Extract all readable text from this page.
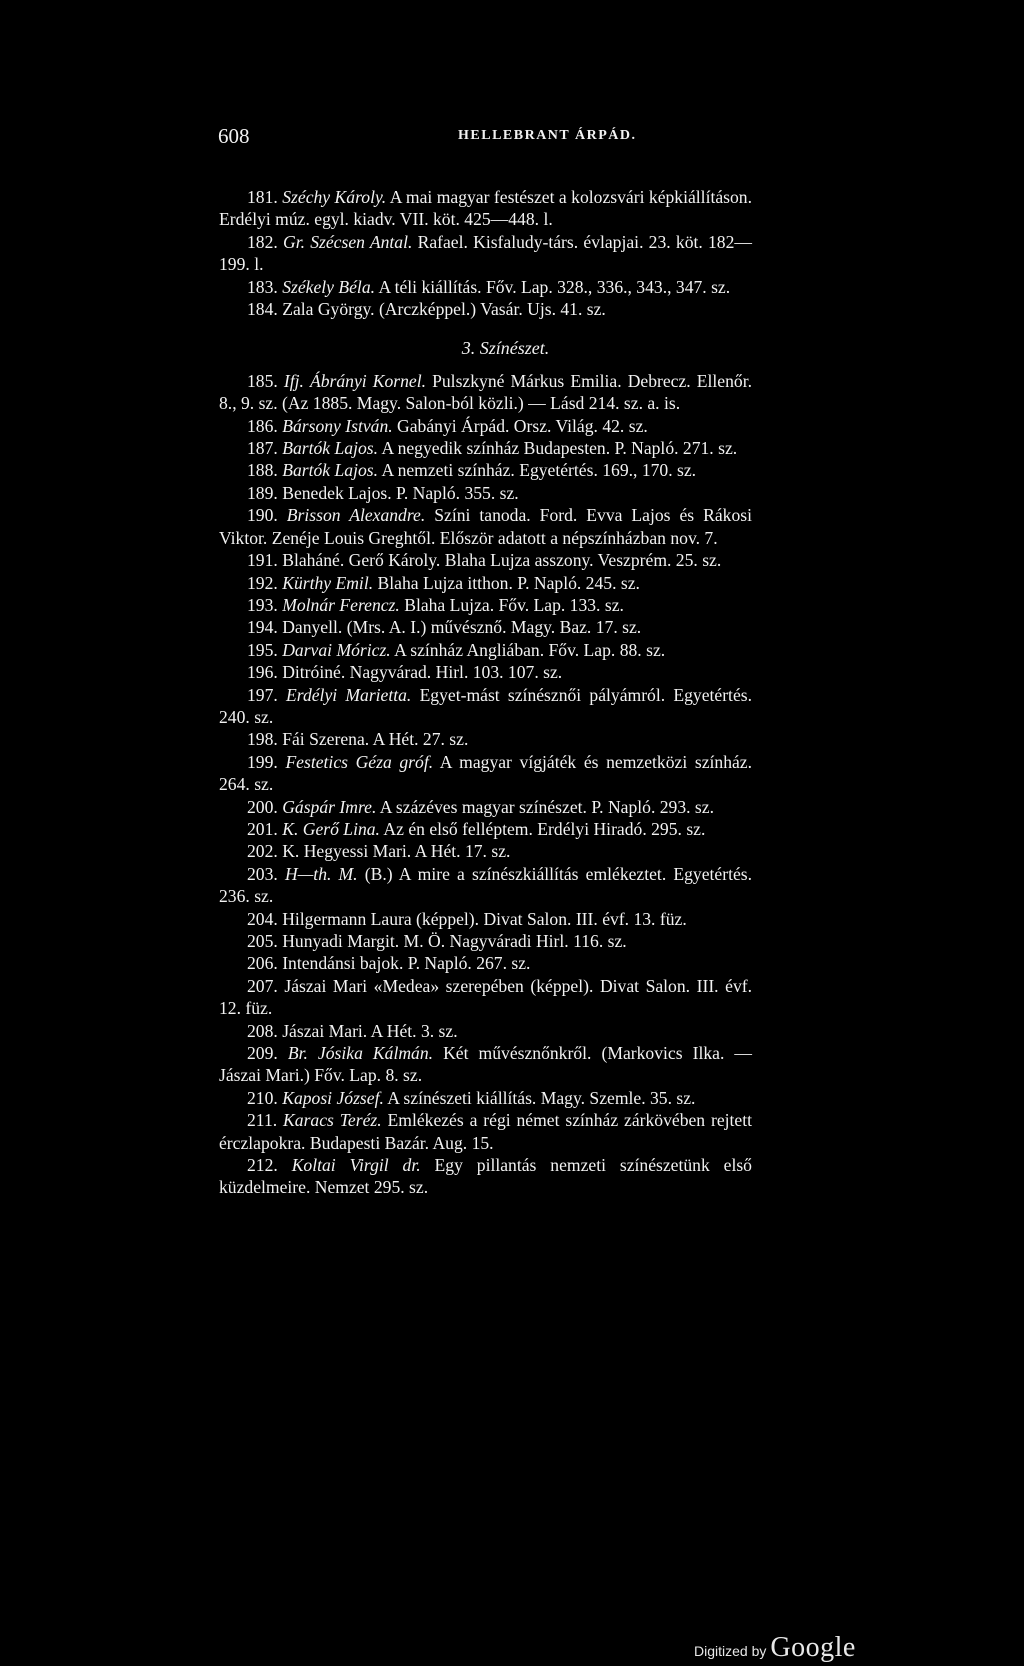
608	HELLEBRANT ÁRPÁD.

181. Széchy Károly. A mai magyar festészet a kolozsvári képkiállításon. Erdélyi múz. egyl. kiadv. VII. köt. 425—448. l.

182. Gr. Szécsen Antal. Rafael. Kisfaludy-társ. évlapjai. 23. köt. 182—199. l.

183. Székely Béla. A téli kiállítás. Főv. Lap. 328., 336., 343., 347. sz.

184. Zala György. (Arczképpel.) Vasár. Ujs. 41. sz.

3. Színészet.

185. Ifj. Ábrányi Kornel. Pulszkyné Márkus Emilia. Debrecz. Ellenőr. 8., 9. sz. (Az 1885. Magy. Salon-ból közli.) — Lásd 214. sz. a. is.

186. Bársony István. Gabányi Árpád. Orsz. Világ. 42. sz.

187. Bartók Lajos. A negyedik színház Budapesten. P. Napló. 271. sz.

188. Bartók Lajos. A nemzeti színház. Egyetértés. 169., 170. sz.

189. Benedek Lajos. P. Napló. 355. sz.

190. Brisson Alexandre. Színi tanoda. Ford. Evva Lajos és Rákosi Viktor. Zenéje Louis Greghtől. Először adatott a népszínházban nov. 7.

191. Blaháné. Gerő Károly. Blaha Lujza asszony. Veszprém. 25. sz.

192. Kürthy Emil. Blaha Lujza itthon. P. Napló. 245. sz.

193. Molnár Ferencz. Blaha Lujza. Főv. Lap. 133. sz.

194. Danyell. (Mrs. A. I.) művésznő. Magy. Baz. 17. sz.

195. Darvai Móricz. A színház Angliában. Főv. Lap. 88. sz.

196. Ditróiné. Nagyvárad. Hirl. 103. 107. sz.

197. Erdélyi Marietta. Egyet-mást színésznői pályámról. Egyetértés. 240. sz.

198. Fái Szerena. A Hét. 27. sz.

199. Festetics Géza gróf. A magyar vígjáték és nemzetközi színház. 264. sz.

200. Gáspár Imre. A százéves magyar színészet. P. Napló. 293. sz.

201. K. Gerő Lina. Az én első felléptem. Erdélyi Hiradó. 295. sz.

202. K. Hegyessi Mari. A Hét. 17. sz.

203. H—th. M. (B.) A mire a színészkiállítás emlékeztet. Egyetértés. 236. sz.

204. Hilgermann Laura (képpel). Divat Salon. III. évf. 13. füz.

205. Hunyadi Margit. M. Ö. Nagyváradi Hirl. 116. sz.

206. Intendánsi bajok. P. Napló. 267. sz.

207. Jászai Mari «Medea» szerepében (képpel). Divat Salon. III. évf. 12. füz.

208. Jászai Mari. A Hét. 3. sz.

209. Br. Jósika Kálmán. Két művésznőnkről. (Markovics Ilka. — Jászai Mari.) Főv. Lap. 8. sz.

210. Kaposi József. A színészeti kiállítás. Magy. Szemle. 35. sz.

211. Karacs Teréz. Emlékezés a régi német színház zárkövében rejtett érczlapokra. Budapesti Bazár. Aug. 15.

212. Koltai Virgil dr. Egy pillantás nemzeti színészetünk első küzdelmeire. Nemzet 295. sz.

Digitized by Google
